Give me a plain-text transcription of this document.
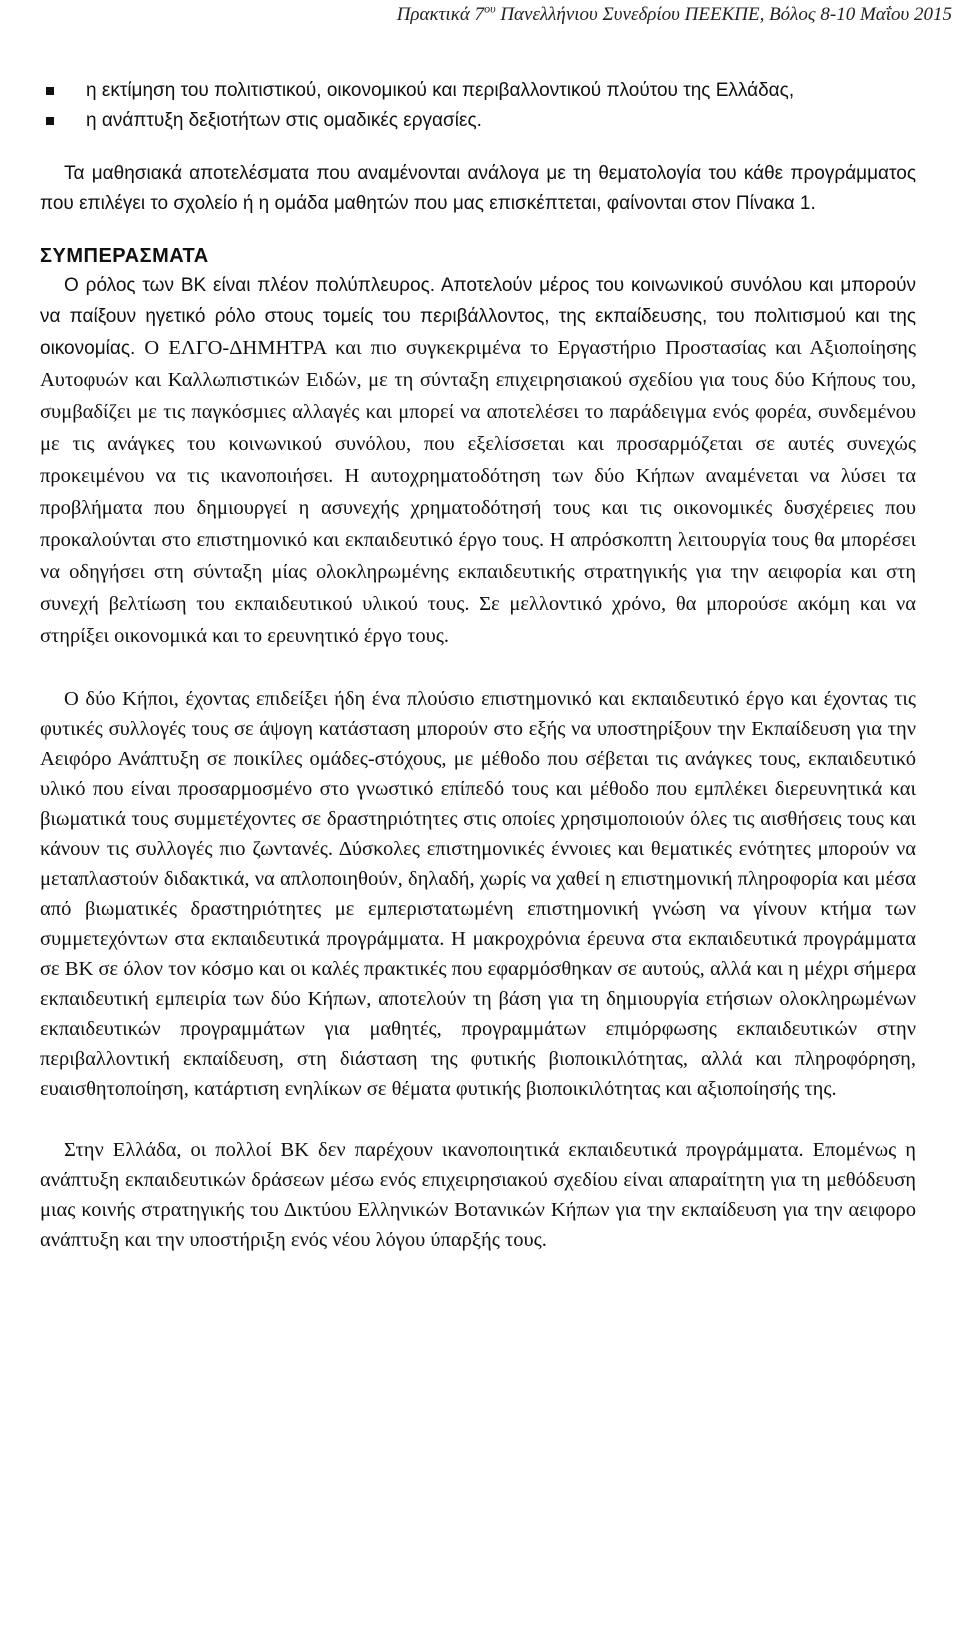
Πρακτικά $7^{o\upsilon}$ Πανελλήνιου Συνεδρίου ΠΕΕΚΠΕ, Βόλος 8-10 Μαΐου 2015
η εκτίμηση του πολιτιστικού, οικονομικού και περιβαλλοντικού πλούτου της Ελλάδας,
η ανάπτυξη δεξιοτήτων στις ομαδικές εργασίες.

Τα μαθησιακά αποτελέσματα που αναμένονται ανάλογα με τη θεματολογία του κάθε προγράμματος που επιλέγει το σχολείο ή η ομάδα μαθητών που μας επισκέπτεται, φαίνονται στον Πίνακα 1.

ΣΥΜΠΕΡΑΣΜΑΤΑ

Ο ρόλος των ΒΚ είναι πλέον πολύπλευρος. Αποτελούν μέρος του κοινωνικού συνόλου και μπορούν να παίξουν ηγετικό ρόλο στους τομείς του περιβάλλοντος, της εκπαίδευσης, του πολιτισμού και της οικονομίας. Ο ΕΛΓΟ-ΔΗΜΗΤΡΑ και πιο συγκεκριμένα το Εργαστήριο Προστασίας και Αξιοποίησης Αυτοφυών και Καλλωπιστικών Ειδών, με τη σύνταξη επιχειρησιακού σχεδίου για τους δύο Κήπους του, συμβαδίζει με τις παγκόσμιες αλλαγές και μπορεί να αποτελέσει το παράδειγμα ενός φορέα, συνδεμένου με τις ανάγκες του κοινωνικού συνόλου, που εξελίσσεται και προσαρμόζεται σε αυτές συνεχώς προκειμένου να τις ικανοποιήσει. Η αυτοχρηματοδότηση των δύο Κήπων αναμένεται να λύσει τα προβλήματα που δημιουργεί η ασυνεχής χρηματοδότησή τους και τις οικονομικές δυσχέρειες που προκαλούνται στο επιστημονικό και εκπαιδευτικό έργο τους. Η απρόσκοπτη λειτουργία τους θα μπορέσει να οδηγήσει στη σύνταξη μίας ολοκληρωμένης εκπαιδευτικής στρατηγικής για την αειφορία και στη συνεχή βελτίωση του εκπαιδευτικού υλικού τους. Σε μελλοντικό χρόνο, θα μπορούσε ακόμη και να στηρίξει οικονομικά και το ερευνητικό έργο τους.

Ο δύο Κήποι, έχοντας επιδείξει ήδη ένα πλούσιο επιστημονικό και εκπαιδευτικό έργο και έχοντας τις φυτικές συλλογές τους σε άψογη κατάσταση μπορούν στο εξής να υποστηρίξουν την Εκπαίδευση για την Αειφόρο Ανάπτυξη σε ποικίλες ομάδες-στόχους, με μέθοδο που σέβεται τις ανάγκες τους, εκπαιδευτικό υλικό που είναι προσαρμοσμένο στο γνωστικό επίπεδό τους και μέθοδο που εμπλέκει διερευνητικά και βιωματικά τους συμμετέχοντες σε δραστηριότητες στις οποίες χρησιμοποιούν όλες τις αισθήσεις τους και κάνουν τις συλλογές πιο ζωντανές. Δύσκολες επιστημονικές έννοιες και θεματικές ενότητες μπορούν να μεταπλαστούν διδακτικά, να απλοποιηθούν, δηλαδή, χωρίς να χαθεί η επιστημονική πληροφορία και μέσα από βιωματικές δραστηριότητες με εμπεριστατωμένη επιστημονική γνώση να γίνουν κτήμα των συμμετεχόντων στα εκπαιδευτικά προγράμματα. Η μακροχρόνια έρευνα στα εκπαιδευτικά προγράμματα σε ΒΚ σε όλον τον κόσμο και οι καλές πρακτικές που εφαρμόσθηκαν σε αυτούς, αλλά και η μέχρι σήμερα εκπαιδευτική εμπειρία των δύο Κήπων, αποτελούν τη βάση για τη δημιουργία ετήσιων ολοκληρωμένων εκπαιδευτικών προγραμμάτων για μαθητές, προγραμμάτων επιμόρφωσης εκπαιδευτικών στην περιβαλλοντική εκπαίδευση, στη διάσταση της φυτικής βιοποικιλότητας, αλλά και πληροφόρηση, ευαισθητοποίηση, κατάρτιση ενηλίκων σε θέματα φυτικής βιοποικιλότητας και αξιοποίησής της.

Στην Ελλάδα, οι πολλοί ΒΚ δεν παρέχουν ικανοποιητικά εκπαιδευτικά προγράμματα. Επομένως η ανάπτυξη εκπαιδευτικών δράσεων μέσω ενός επιχειρησιακού σχεδίου είναι απαραίτητη για τη μεθόδευση μιας κοινής στρατηγικής του Δικτύου Ελληνικών Βοτανικών Κήπων για την εκπαίδευση για την αειφορο ανάπτυξη και την υποστήριξη ενός νέου λόγου ύπαρξής τους.
